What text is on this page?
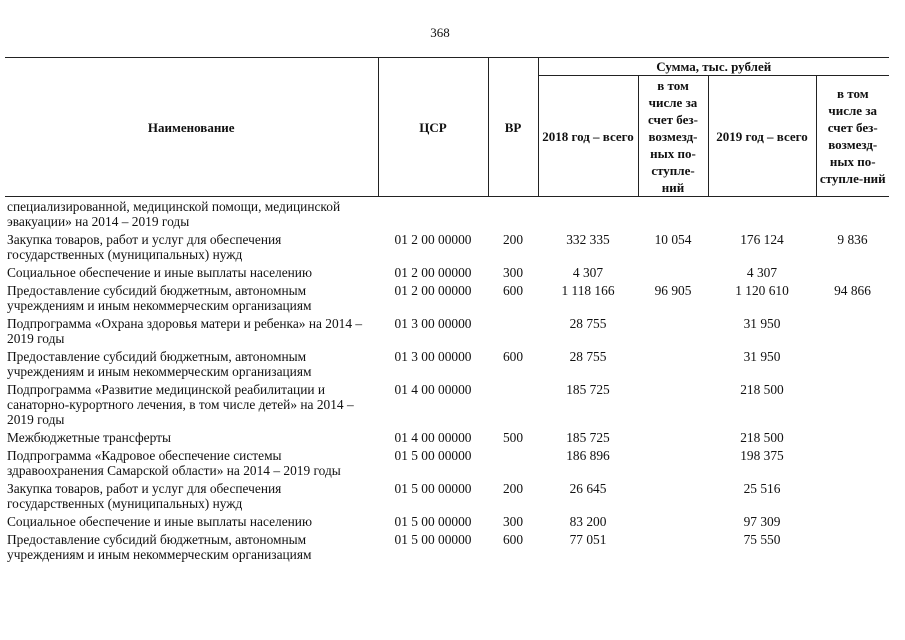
368
Наименование	ЦСР	ВР	Сумма, тыс. рублей			
			2018 год – всего	в том числе за счет без-возмезд-ных по-ступле-ний	2019 год – всего	в том числе за счет без-возмезд-ных по-ступле-ний
специализированной, медицинской помощи, медицинской эвакуации» на 2014 – 2019 годы						
Закупка товаров, работ и услуг для обеспечения государственных (муниципальных) нужд	01 2 00 00000	200	332 335	10 054	176 124	9 836
Социальное обеспечение и иные выплаты населению	01 2 00 00000	300	4 307		4 307	
Предоставление субсидий бюджетным, автономным учреждениям и иным некоммерческим организациям	01 2 00 00000	600	1 118 166	96 905	1 120 610	94 866
Подпрограмма «Охрана здоровья матери и ребенка» на 2014 – 2019 годы	01 3 00 00000		28 755		31 950	
Предоставление субсидий бюджетным, автономным учреждениям и иным некоммерческим организациям	01 3 00 00000	600	28 755		31 950	
Подпрограмма «Развитие медицинской реабилитации и санаторно-курортного лечения, в том числе детей» на 2014 – 2019 годы	01 4 00 00000		185 725		218 500	
Межбюджетные трансферты	01 4 00 00000	500	185 725		218 500	
Подпрограмма «Кадровое обеспечение системы здравоохранения Самарской области» на 2014 – 2019 годы	01 5 00 00000		186 896		198 375	
Закупка товаров, работ и услуг для обеспечения государственных (муниципальных) нужд	01 5 00 00000	200	26 645		25 516	
Социальное обеспечение и иные выплаты населению	01 5 00 00000	300	83 200		97 309	
Предоставление субсидий бюджетным, автономным учреждениям и иным некоммерческим организациям	01 5 00 00000	600	77 051		75 550	
